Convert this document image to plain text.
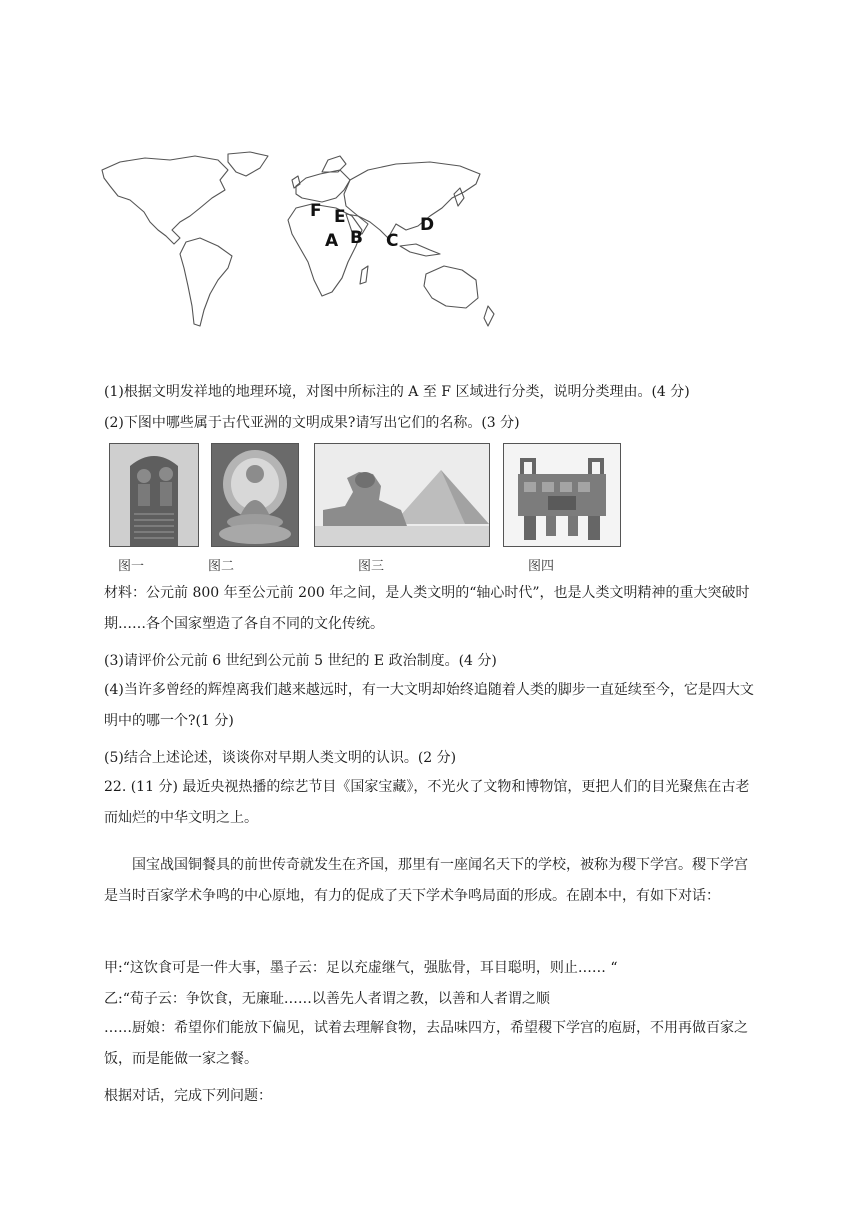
F E
A B C
D
(1)根据文明发祥地的地理环境，对图中所标注的 A 至 F 区域进行分类，说明分类理由。(4 分)
(2)下图中哪些属于古代亚洲的文明成果?请写出它们的名称。(3 分)
图一	图二	图三	图四
材料：公元前 800 年至公元前 200 年之间，是人类文明的“轴心时代”，也是人类文明精神的重大突破时期……各个国家塑造了各自不同的文化传统。
(3)请评价公元前 6 世纪到公元前 5 世纪的 E 政治制度。(4 分)
(4)当许多曾经的辉煌离我们越来越远时，有一大文明却始终追随着人类的脚步一直延续至今，它是四大文明中的哪一个?(1 分)
(5)结合上述论述，谈谈你对早期人类文明的认识。(2 分)
22. (11 分) 最近央视热播的综艺节目《国家宝藏》，不光火了文物和博物馆，更把人们的目光聚焦在古老而灿烂的中华文明之上。
国宝战国铜餐具的前世传奇就发生在齐国，那里有一座闻名天下的学校，被称为稷下学宫。稷下学宫是当时百家学术争鸣的中心原地，有力的促成了天下学术争鸣局面的形成。在剧本中，有如下对话：
甲:“这饮食可是一件大事，墨子云：足以充虚继气，强肱骨，耳目聪明，则止…… “
乙:“荀子云：争饮食，无廉耻……以善先人者谓之教，以善和人者谓之顺
……厨娘：希望你们能放下偏见，试着去理解食物，去品味四方，希望稷下学宫的庖厨，不用再做百家之饭，而是能做一家之餐。
根据对话，完成下列问题：
